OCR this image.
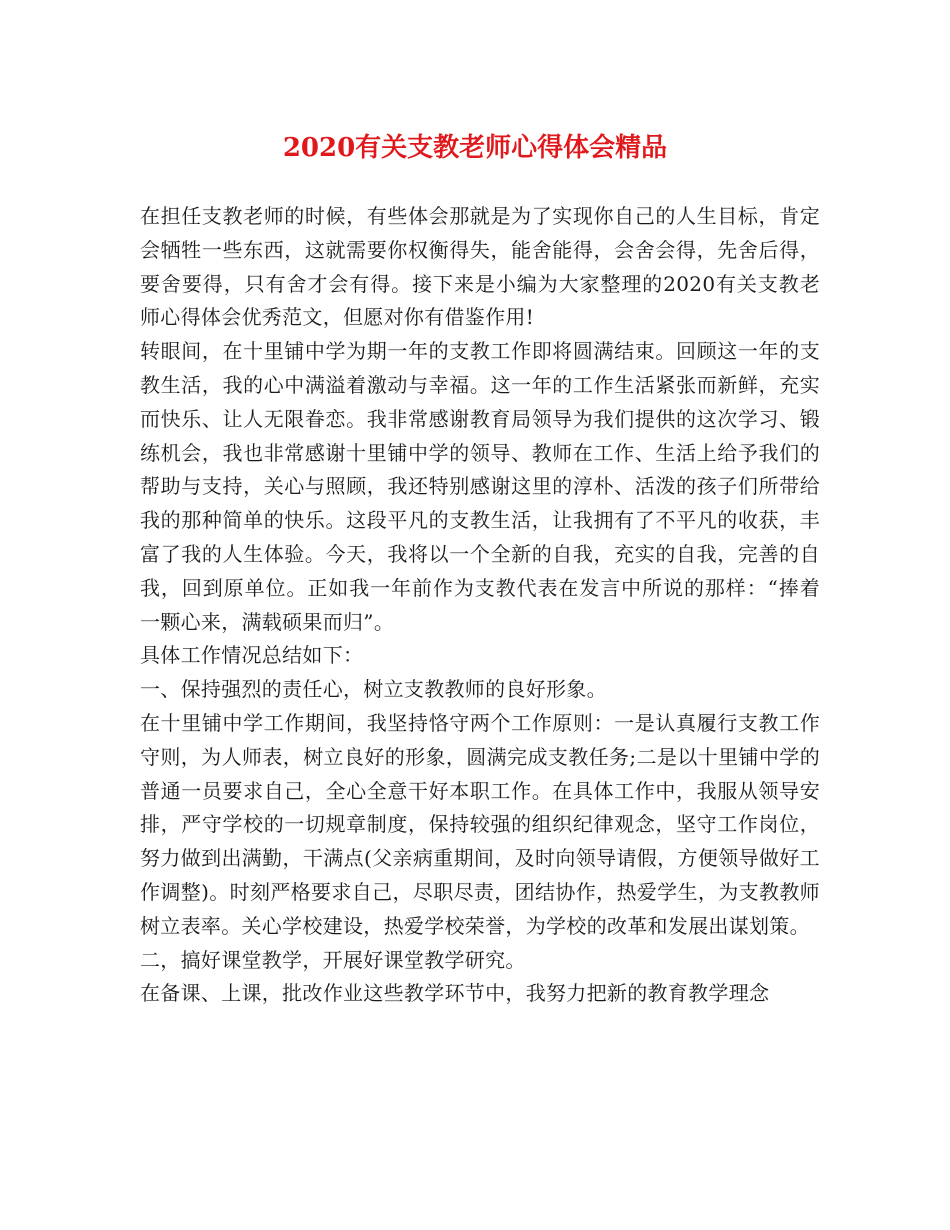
2020有关支教老师心得体会精品

在担任支教老师的时候，有些体会那就是为了实现你自己的人生目标，肯定会牺牲一些东西，这就需要你权衡得失，能舍能得，会舍会得，先舍后得，要舍要得，只有舍才会有得。接下来是小编为大家整理的2020有关支教老师心得体会优秀范文，但愿对你有借鉴作用!

转眼间，在十里铺中学为期一年的支教工作即将圆满结束。回顾这一年的支教生活，我的心中满溢着激动与幸福。这一年的工作生活紧张而新鲜，充实而快乐、让人无限眷恋。我非常感谢教育局领导为我们提供的这次学习、锻练机会，我也非常感谢十里铺中学的领导、教师在工作、生活上给予我们的帮助与支持，关心与照顾，我还特别感谢这里的淳朴、活泼的孩子们所带给我的那种简单的快乐。这段平凡的支教生活，让我拥有了不平凡的收获，丰富了我的人生体验。今天，我将以一个全新的自我，充实的自我，完善的自我，回到原单位。正如我一年前作为支教代表在发言中所说的那样：“捧着一颗心来，满载硕果而归”。

具体工作情况总结如下：

一、保持强烈的责任心，树立支教教师的良好形象。

在十里铺中学工作期间，我坚持恪守两个工作原则：一是认真履行支教工作守则，为人师表，树立良好的形象，圆满完成支教任务;二是以十里铺中学的普通一员要求自己，全心全意干好本职工作。在具体工作中，我服从领导安排，严守学校的一切规章制度，保持较强的组织纪律观念，坚守工作岗位，努力做到出满勤，干满点(父亲病重期间，及时向领导请假，方便领导做好工作调整)。时刻严格要求自己，尽职尽责，团结协作，热爱学生，为支教教师树立表率。关心学校建设，热爱学校荣誉，为学校的改革和发展出谋划策。

二，搞好课堂教学，开展好课堂教学研究。

在备课、上课，批改作业这些教学环节中，我努力把新的教育教学理念
